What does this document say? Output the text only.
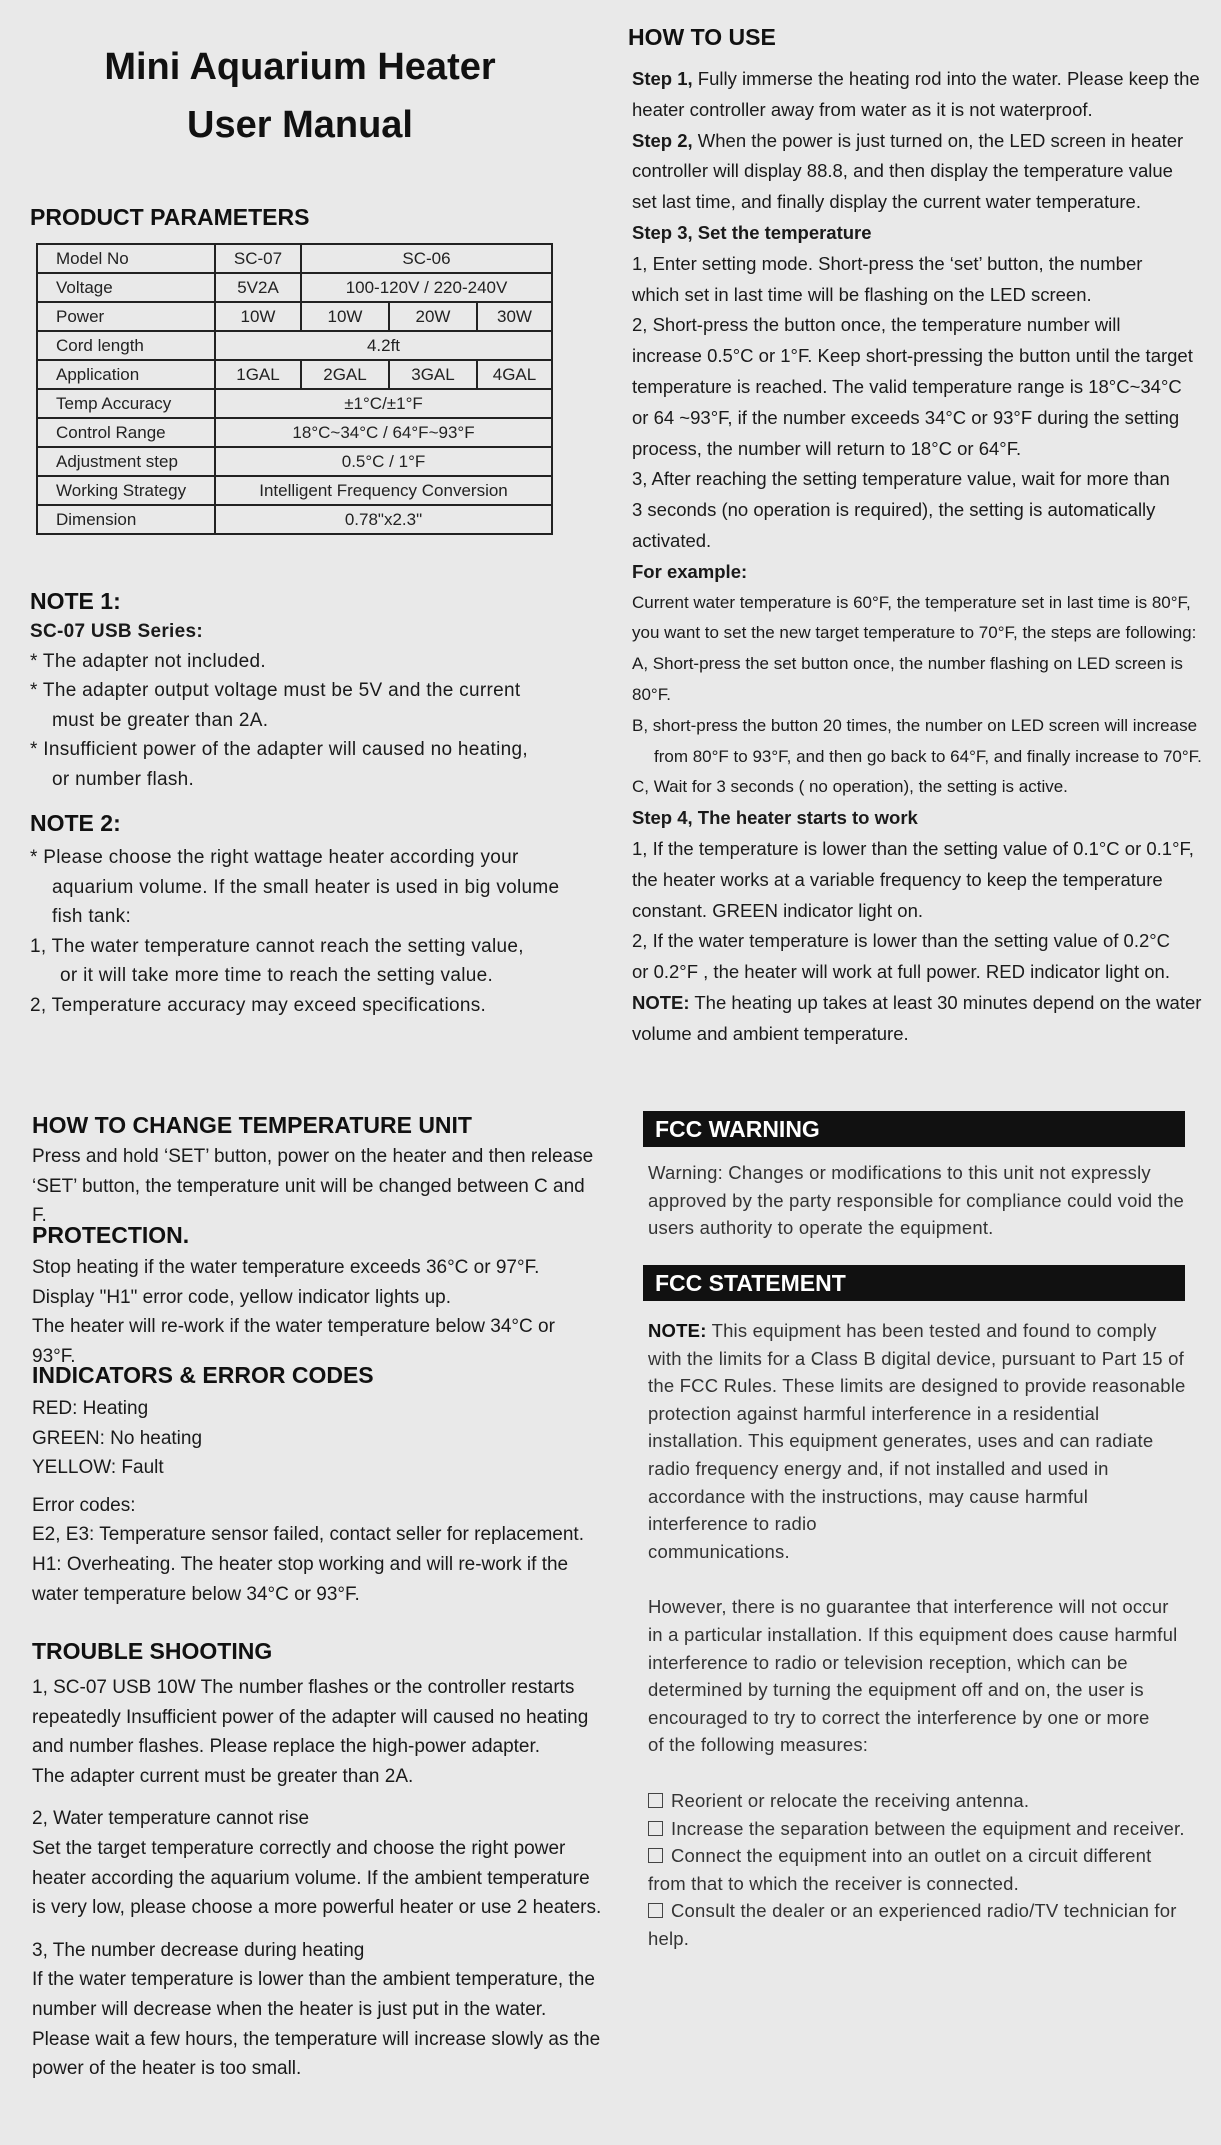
Mini Aquarium Heater
User Manual
PRODUCT PARAMETERS
Model No	SC-07	SC-06		
Voltage	5V2A	100-120V / 220-240V		
Power	10W	10W	20W	30W
Cord length	4.2ft			
Application	1GAL	2GAL	3GAL	4GAL
Temp Accuracy	±1°C/±1°F			
Control Range	18°C~34°C / 64°F~93°F			
Adjustment step	0.5°C / 1°F			
Working Strategy	Intelligent Frequency Conversion			
Dimension	0.78"x2.3"			
NOTE 1:

SC-07 USB Series:

* The adapter not included.

* The adapter output voltage must be 5V and the current

must be greater than 2A.

* Insufficient power of the adapter will caused no heating,

or number flash.

NOTE 2:

* Please choose the right wattage heater according your

aquarium volume. If the small heater is used in big volume

fish tank:

1, The water temperature cannot reach the setting value,

or it will take more time to reach the setting value.

2, Temperature accuracy may exceed specifications.

HOW TO USE

Step 1, Fully immerse the heating rod into the water. Please keep the

heater controller away from water as it is not waterproof.

Step 2, When the power is just turned on, the LED screen in heater

controller will display 88.8, and then display the temperature value

set last time, and finally display the current water temperature.

Step 3, Set the temperature

1, Enter setting mode. Short-press the ‘set’ button, the number

which set in last time will be flashing on the LED screen.

2, Short-press the button once, the temperature number will

increase 0.5°C or 1°F. Keep short-pressing the button until the target

temperature is reached. The valid temperature range is 18°C~34°C

or 64 ~93°F, if the number exceeds 34°C or 93°F during the setting

process, the number will return to 18°C or 64°F.

3, After reaching the setting temperature value, wait for more than

3 seconds (no operation is required), the setting is automatically

activated.

For example:

Current water temperature is 60°F, the temperature set in last time is 80°F,

you want to set the new target temperature to 70°F, the steps are following:

A, Short-press the set button once, the number flashing on LED screen is 80°F.

B, short-press the button 20 times, the number on LED screen will increase

from 80°F to 93°F, and then go back to 64°F, and finally increase to 70°F.

C, Wait for 3 seconds ( no operation), the setting is active.

Step 4, The heater starts to work

1, If the temperature is lower than the setting value of 0.1°C or 0.1°F,

the heater works at a variable frequency to keep the temperature

constant. GREEN indicator light on.

2, If the water temperature is lower than the setting value of 0.2°C

or 0.2°F , the heater will work at full power. RED indicator light on.

NOTE: The heating up takes at least 30 minutes depend on the water

volume and ambient temperature.

HOW TO CHANGE TEMPERATURE UNIT

Press and hold ‘SET’ button, power on the heater and then release

‘SET’ button, the temperature unit will be changed between C and F.

PROTECTION.

Stop heating if the water temperature exceeds 36°C or 97°F.

Display "H1" error code, yellow indicator lights up.

The heater will re-work if the water temperature below 34°C or 93°F.

INDICATORS & ERROR CODES

RED: Heating

GREEN: No heating

YELLOW: Fault

Error codes:

E2, E3: Temperature sensor failed, contact seller for replacement.

H1: Overheating. The heater stop working and will re-work if the

water temperature below 34°C or 93°F.

TROUBLE SHOOTING

1, SC-07 USB 10W The number flashes or the controller restarts

repeatedly Insufficient power of the adapter will caused no heating

and number flashes. Please replace the high-power adapter.

The adapter current must be greater than 2A.

2, Water temperature cannot rise

Set the target temperature correctly and choose the right power

heater according the aquarium volume. If the ambient temperature

is very low, please choose a more powerful heater or use 2 heaters.

3, The number decrease during heating

If the water temperature is lower than the ambient temperature, the

number will decrease when the heater is just put in the water.

Please wait a few hours, the temperature will increase slowly as the

power of the heater is too small.

FCC WARNING

Warning: Changes or modifications to this unit not expressly

approved by the party responsible for compliance could void the

users authority to operate the equipment.

FCC STATEMENT

NOTE: This equipment has been tested and found to comply

with the limits for a Class B digital device, pursuant to Part 15 of

the FCC Rules. These limits are designed to provide reasonable

protection against harmful interference in a residential

installation. This equipment generates, uses and can radiate

radio frequency energy and, if not installed and used in

accordance with the instructions, may cause harmful

interference to radio

communications.

However, there is no guarantee that interference will not occur

in a particular installation. If this equipment does cause harmful

interference to radio or television reception, which can be

determined by turning the equipment off and on, the user is

encouraged to try to correct the interference by one or more

of the following measures:

Reorient or relocate the receiving antenna.

Increase the separation between the equipment and receiver.

Connect the equipment into an outlet on a circuit different

from that to which the receiver is connected.

Consult the dealer or an experienced radio/TV technician for

help.
